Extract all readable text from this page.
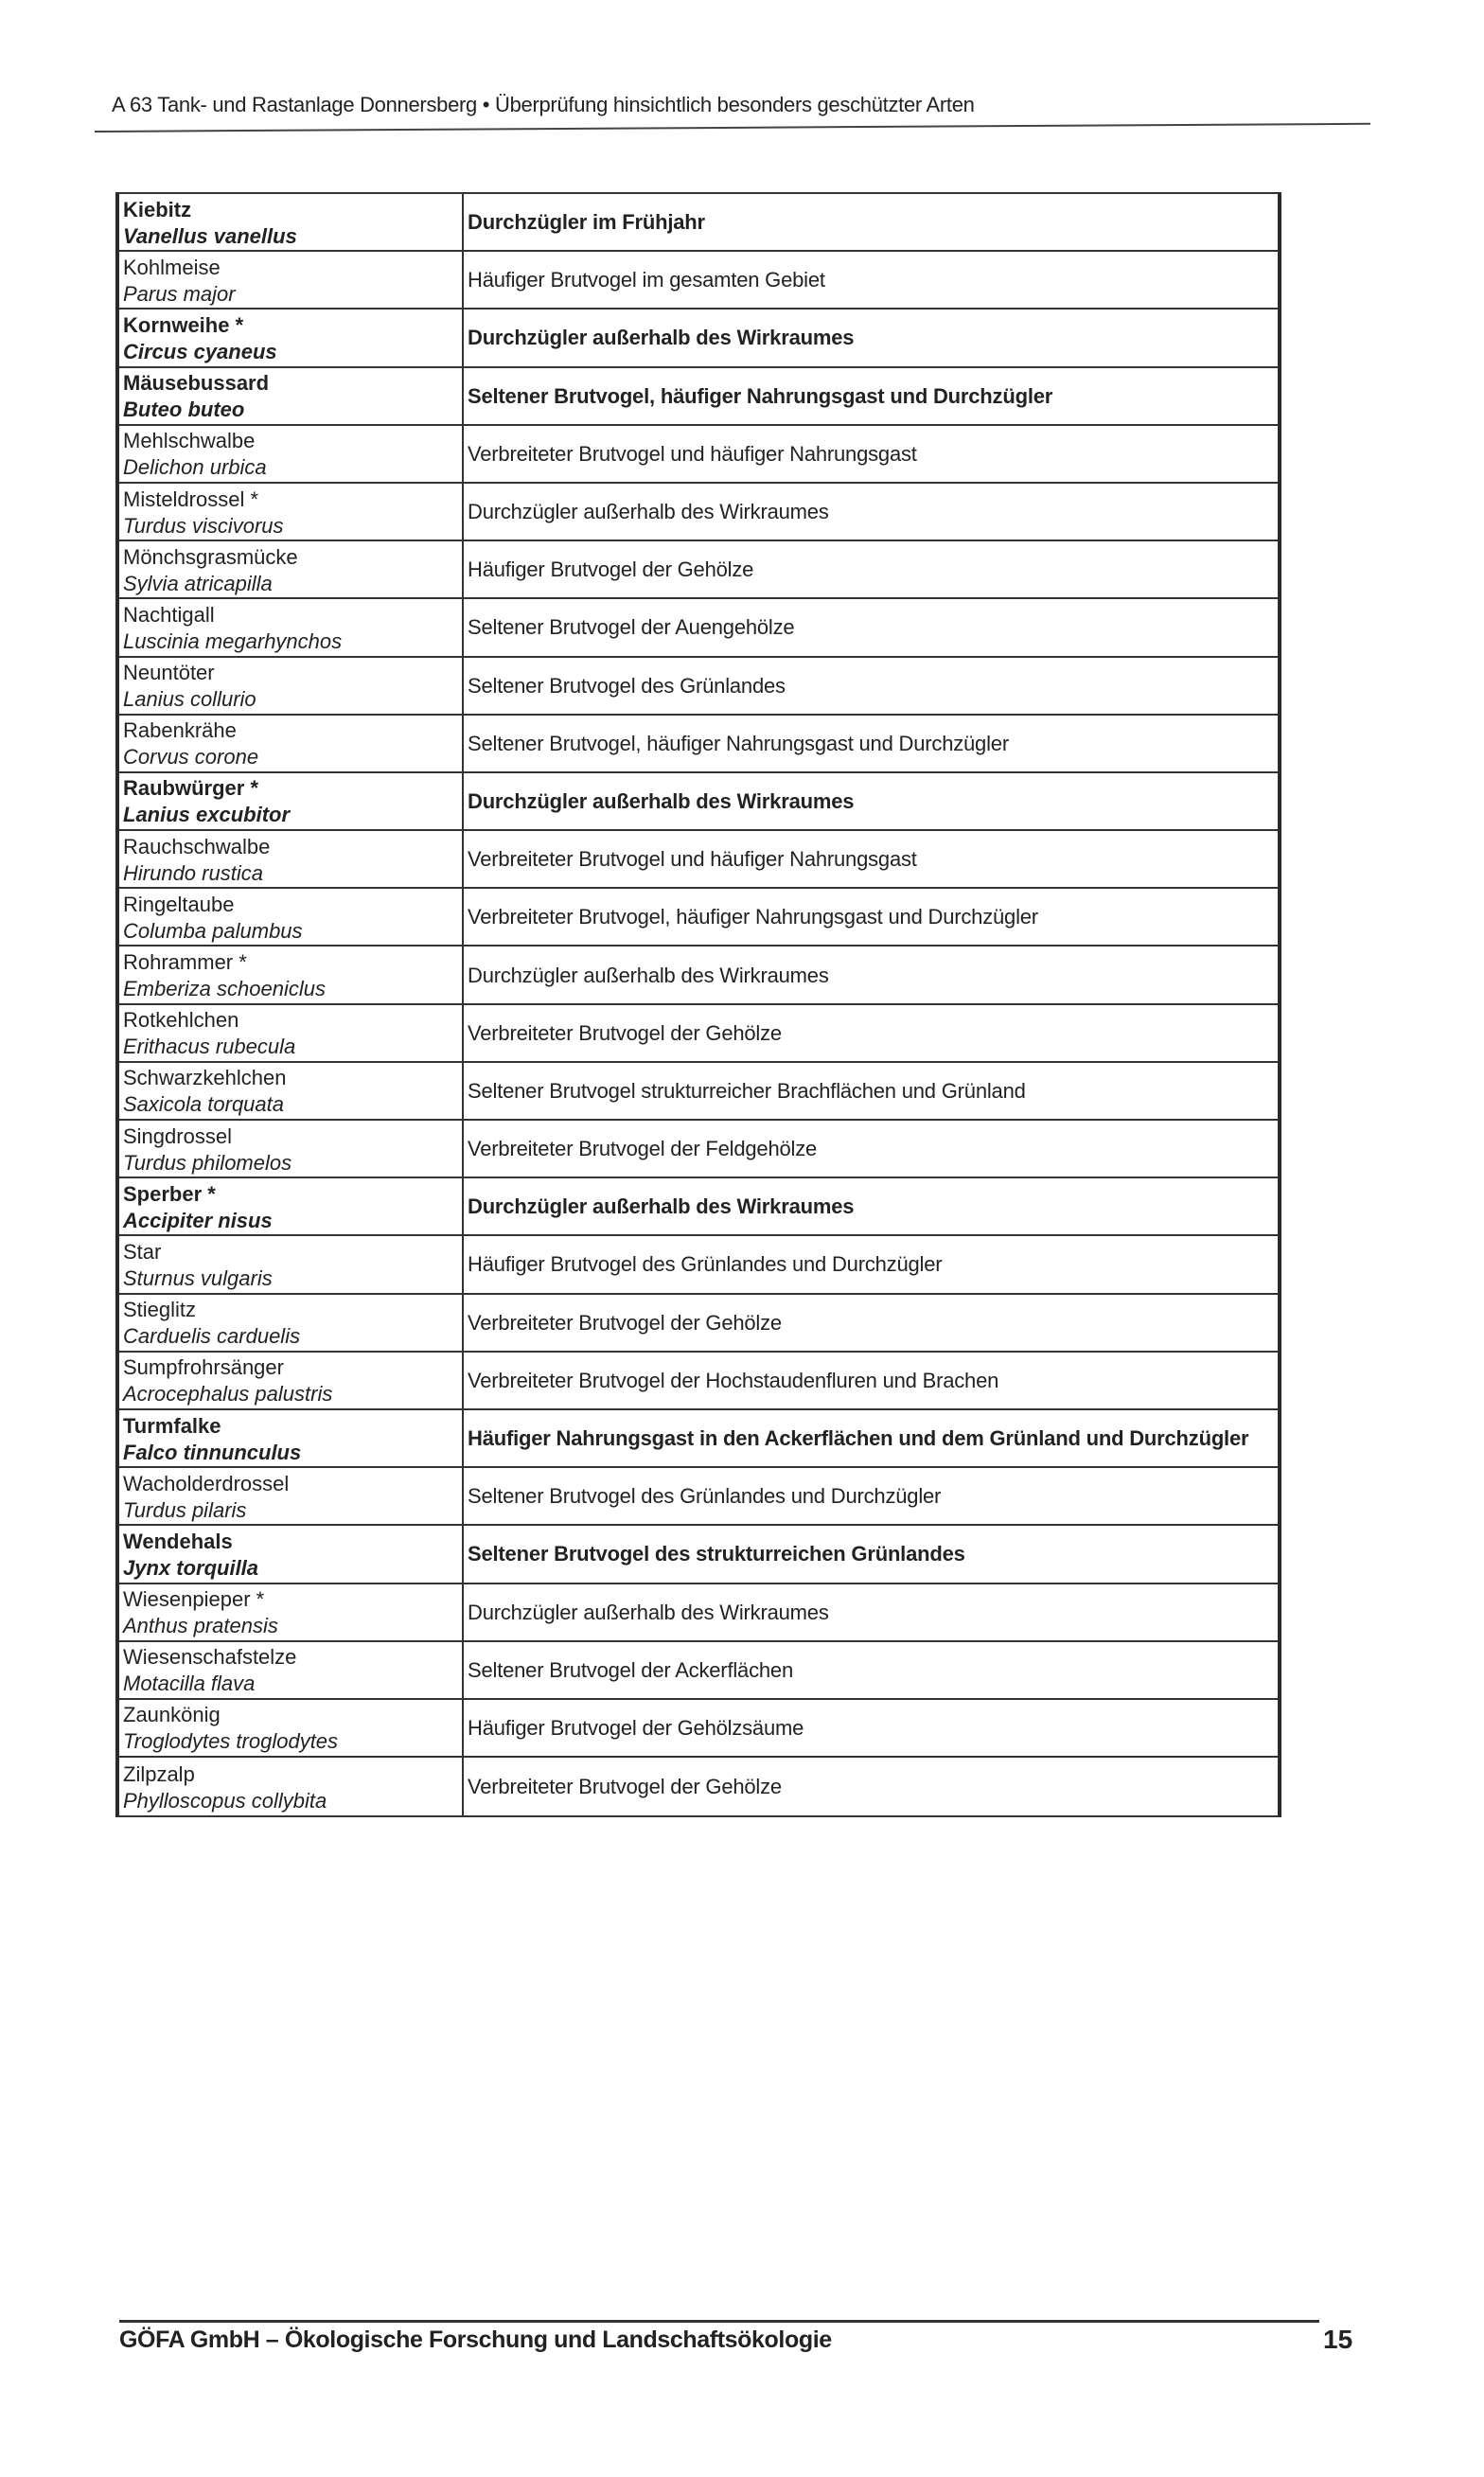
A 63 Tank- und Rastanlage Donnersberg • Überprüfung hinsichtlich besonders geschützter Arten
Kiebitz
Vanellus vanellus
Durchzügler im Frühjahr
Kohlmeise
Parus major
Häufiger Brutvogel im gesamten Gebiet
Kornweihe *
Circus cyaneus
Durchzügler außerhalb des Wirkraumes
Mäusebussard
Buteo buteo
Seltener Brutvogel, häufiger Nahrungsgast und Durchzügler
Mehlschwalbe
Delichon urbica
Verbreiteter Brutvogel und häufiger Nahrungsgast
Misteldrossel *
Turdus viscivorus
Durchzügler außerhalb des Wirkraumes
Mönchsgrasmücke
Sylvia atricapilla
Häufiger Brutvogel der Gehölze
Nachtigall
Luscinia megarhynchos
Seltener Brutvogel der Auengehölze
Neuntöter
Lanius collurio
Seltener Brutvogel des Grünlandes
Rabenkrähe
Corvus corone
Seltener Brutvogel, häufiger Nahrungsgast und Durchzügler
Raubwürger *
Lanius excubitor
Durchzügler außerhalb des Wirkraumes
Rauchschwalbe
Hirundo rustica
Verbreiteter Brutvogel und häufiger Nahrungsgast
Ringeltaube
Columba palumbus
Verbreiteter Brutvogel, häufiger Nahrungsgast und Durchzügler
Rohrammer *
Emberiza schoeniclus
Durchzügler außerhalb des Wirkraumes
Rotkehlchen
Erithacus rubecula
Verbreiteter Brutvogel der Gehölze
Schwarzkehlchen
Saxicola torquata
Seltener Brutvogel strukturreicher Brachflächen und Grünland
Singdrossel
Turdus philomelos
Verbreiteter Brutvogel der Feldgehölze
Sperber *
Accipiter nisus
Durchzügler außerhalb des Wirkraumes
Star
Sturnus vulgaris
Häufiger Brutvogel des Grünlandes und Durchzügler
Stieglitz
Carduelis carduelis
Verbreiteter Brutvogel der Gehölze
Sumpfrohrsänger
Acrocephalus palustris
Verbreiteter Brutvogel der Hochstaudenfluren und Brachen
Turmfalke
Falco tinnunculus
Häufiger Nahrungsgast in den Ackerflächen und dem Grünland und Durchzügler
Wacholderdrossel
Turdus pilaris
Seltener Brutvogel des Grünlandes und Durchzügler
Wendehals
Jynx torquilla
Seltener Brutvogel des strukturreichen Grünlandes
Wiesenpieper *
Anthus pratensis
Durchzügler außerhalb des Wirkraumes
Wiesenschafstelze
Motacilla flava
Seltener Brutvogel der Ackerflächen
Zaunkönig
Troglodytes troglodytes
Häufiger Brutvogel der Gehölzsäume
Zilpzalp
Phylloscopus collybita
Verbreiteter Brutvogel der Gehölze
GÖFA GmbH – Ökologische Forschung und Landschaftsökologie	15
